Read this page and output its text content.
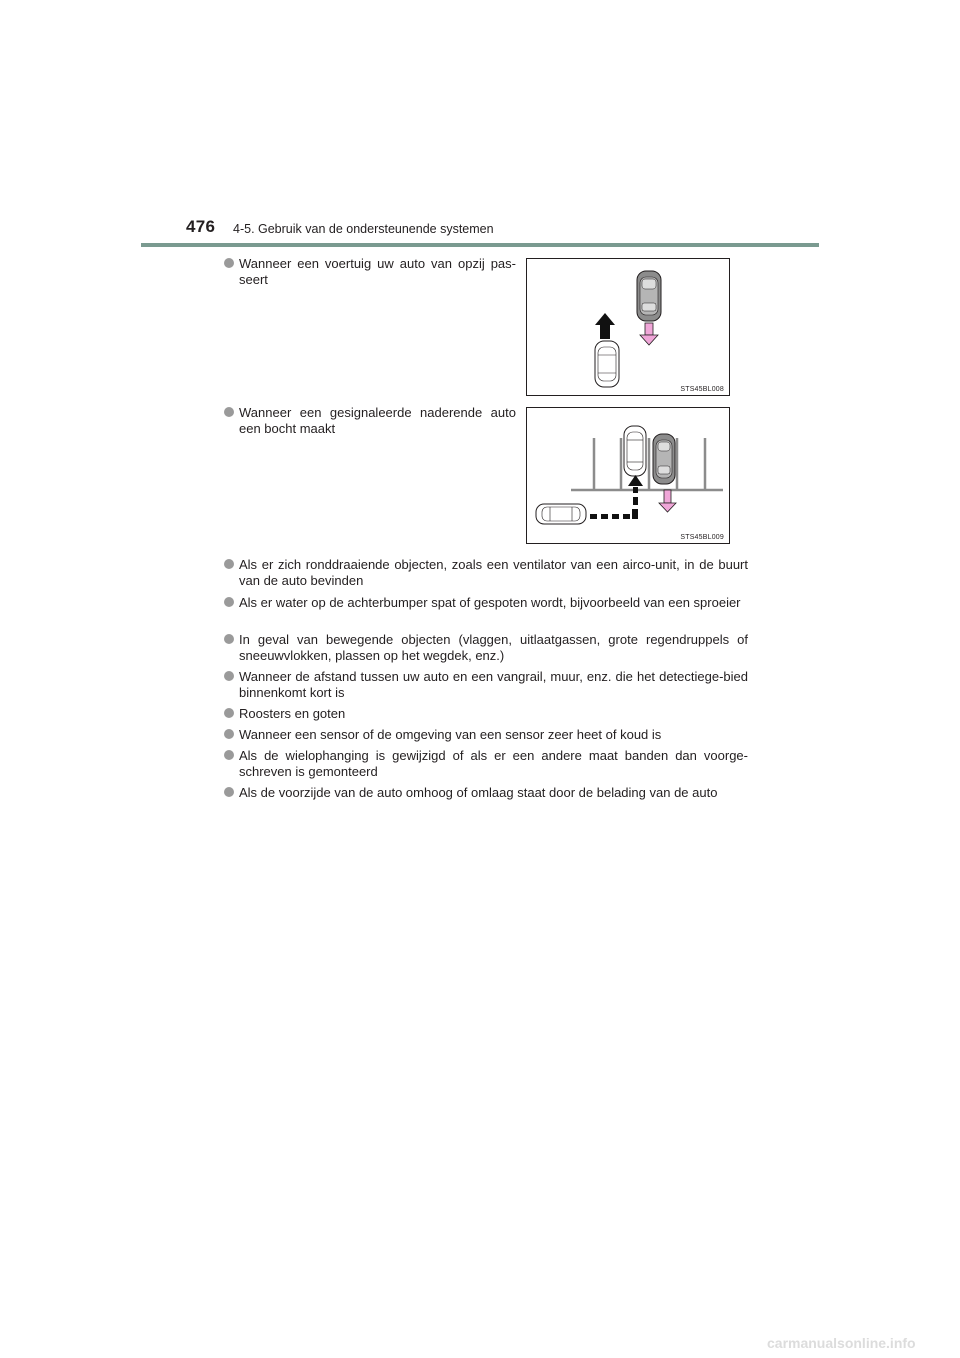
476 4-5. Gebruik van de ondersteunende systemen
Wanneer een voertuig uw auto van opzij pas-seert
STS45BL008
Wanneer een gesignaleerde naderende auto een bocht maakt
STS45BL009
Als er zich ronddraaiende objecten, zoals een ventilator van een airco-unit, in de buurt van de auto bevinden
Als er water op de achterbumper spat of gespoten wordt, bijvoorbeeld van een sproeier
In geval van bewegende objecten (vlaggen, uitlaatgassen, grote regendruppels of sneeuwvlokken, plassen op het wegdek, enz.)
Wanneer de afstand tussen uw auto en een vangrail, muur, enz. die het detectiege-bied binnenkomt kort is
Roosters en goten
Wanneer een sensor of de omgeving van een sensor zeer heet of koud is
Als de wielophanging is gewijzigd of als er een andere maat banden dan voorge-schreven is gemonteerd
Als de voorzijde van de auto omhoog of omlaag staat door de belading van de auto
carmanualsonline.info
